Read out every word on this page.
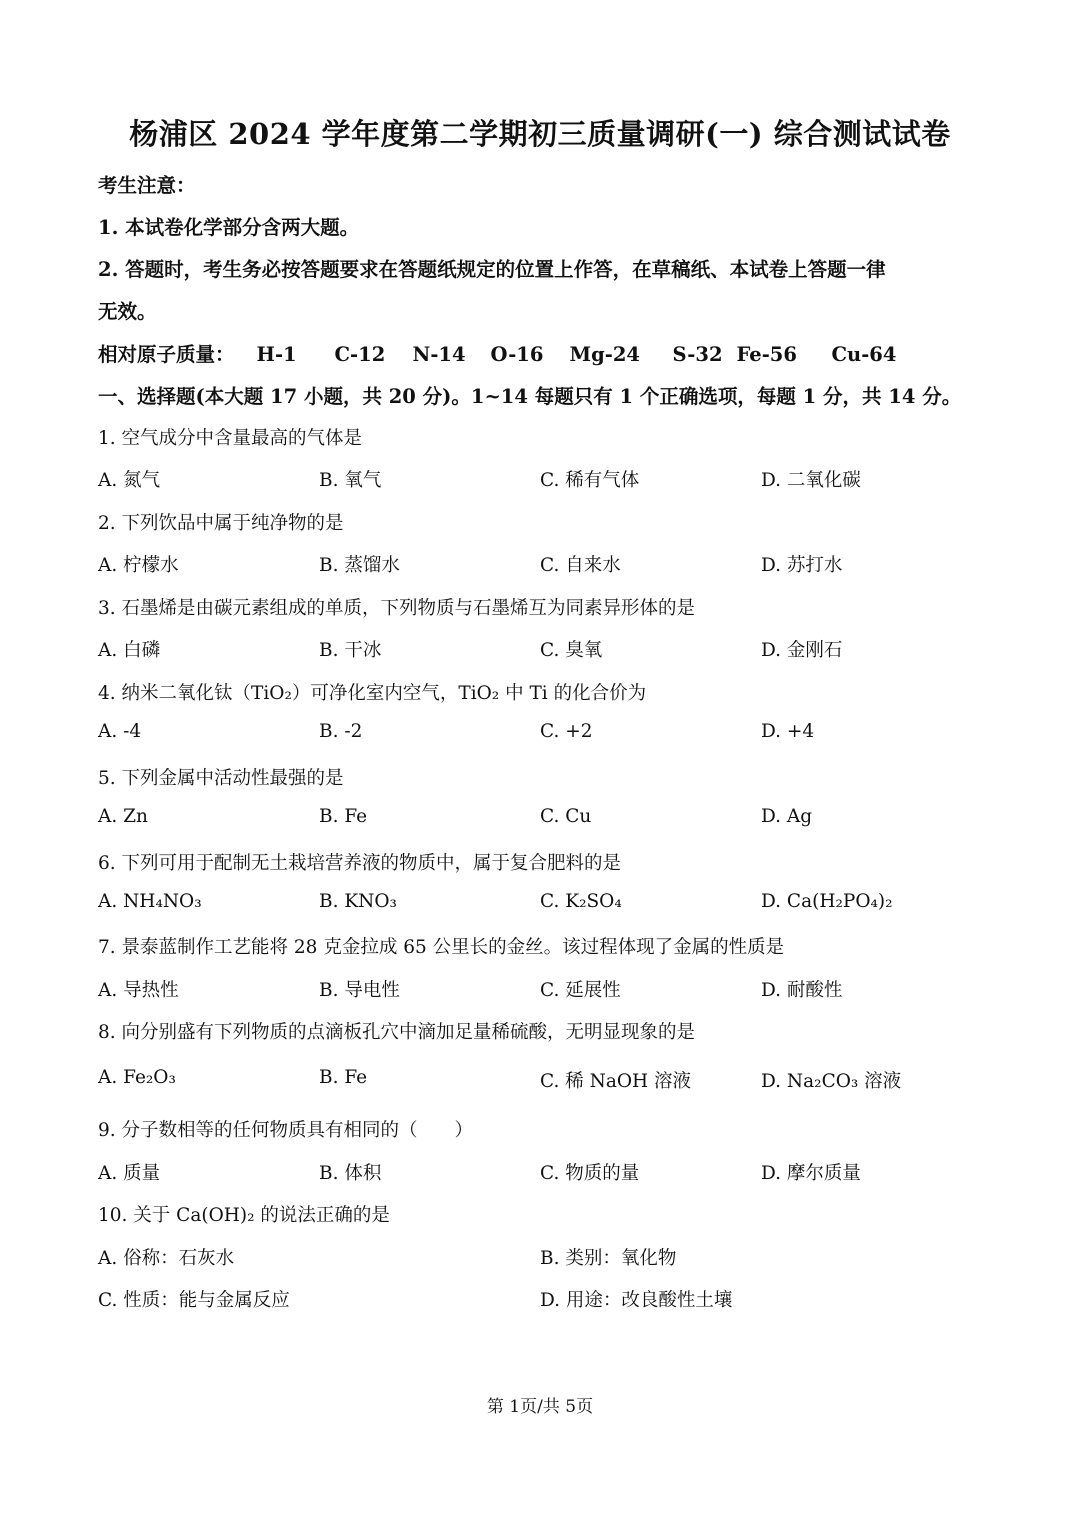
杨浦区 2024 学年度第二学期初三质量调研(一) 综合测试试卷
考生注意：
1. 本试卷化学部分含两大题。
2. 答题时，考生务必按答题要求在答题纸规定的位置上作答，在草稿纸、本试卷上答题一律
无效。
相对原子质量： H-1 C-12 N-14 O-16 Mg-24 S-32 Fe-56 Cu-64
一、选择题(本大题 17 小题，共 20 分)。1~14 每题只有 1 个正确选项，每题 1 分，共 14 分。
1. 空气成分中含量最高的气体是
A. 氮气	B. 氧气	C. 稀有气体	D. 二氧化碳
2. 下列饮品中属于纯净物的是
A. 柠檬水	B. 蒸馏水	C. 自来水	D. 苏打水
3. 石墨烯是由碳元素组成的单质，下列物质与石墨烯互为同素异形体的是
A. 白磷	B. 干冰	C. 臭氧	D. 金刚石
4. 纳米二氧化钛（TiO₂）可净化室内空气，TiO₂ 中 Ti 的化合价为
A. -4	B. -2	C. +2	D. +4
5. 下列金属中活动性最强的是
A. Zn	B. Fe	C. Cu	D. Ag
6. 下列可用于配制无土栽培营养液的物质中，属于复合肥料的是
A. NH₄NO₃	B. KNO₃	C. K₂SO₄	D. Ca(H₂PO₄)₂
7. 景泰蓝制作工艺能将 28 克金拉成 65 公里长的金丝。该过程体现了金属的性质是
A. 导热性	B. 导电性	C. 延展性	D. 耐酸性
8. 向分别盛有下列物质的点滴板孔穴中滴加足量稀硫酸，无明显现象的是
A. Fe₂O₃	B. Fe	C. 稀 NaOH 溶液	D. Na₂CO₃ 溶液
9. 分子数相等的任何物质具有相同的（　　）
A. 质量	B. 体积	C. 物质的量	D. 摩尔质量
10. 关于 Ca(OH)₂ 的说法正确的是
A. 俗称：石灰水	B. 类别：氧化物
C. 性质：能与金属反应	D. 用途：改良酸性土壤
第 1页/共 5页
